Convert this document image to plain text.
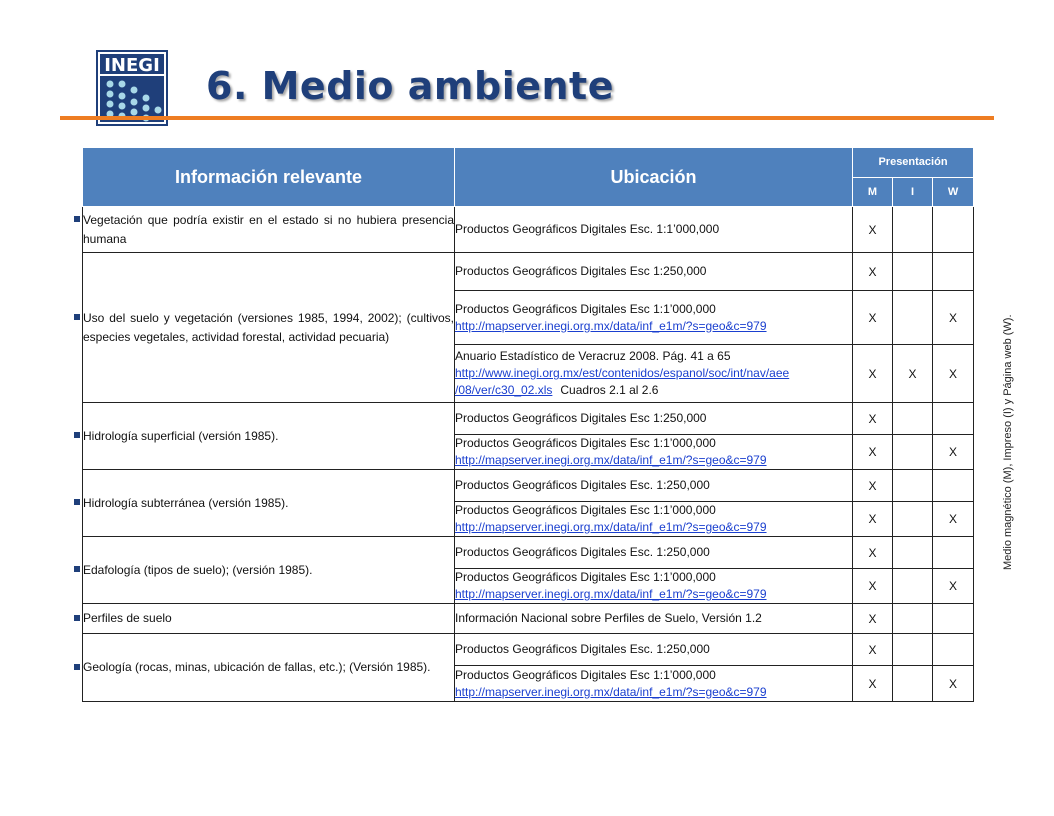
INEGI 6. Medio ambiente
Medio magnético (M), Impreso (I) y Página web (W).
Información relevante	Ubicación	Presentación		
		M	I	W
Vegetación que podría existir en el estado si no hubiera presencia humana	Productos Geográficos Digitales Esc. 1:1’000,000	X		
Uso del suelo y vegetación (versiones 1985, 1994, 2002); (cultivos, especies vegetales, actividad forestal, actividad pecuaria)	Productos Geográficos Digitales Esc 1:250,000	X		

	Productos Geográficos Digitales Esc 1:1’000,000
http://mapserver.inegi.org.mx/data/inf_e1m/?s=geo&c=979	X		X

	Anuario Estadístico de Veracruz 2008. Pág. 41 a 65
http://www.inegi.org.mx/est/contenidos/espanol/soc/int/nav/aee
/08/ver/c30_02.xls Cuadros 2.1 al 2.6	X	X	X
Hidrología superficial (versión 1985).	Productos Geográficos Digitales Esc 1:250,000	X		

	Productos Geográficos Digitales Esc 1:1’000,000
http://mapserver.inegi.org.mx/data/inf_e1m/?s=geo&c=979	X		X
Hidrología subterránea (versión 1985).	Productos Geográficos Digitales Esc. 1:250,000	X		

	Productos Geográficos Digitales Esc 1:1’000,000
http://mapserver.inegi.org.mx/data/inf_e1m/?s=geo&c=979	X		X
Edafología (tipos de suelo); (versión 1985).	Productos Geográficos Digitales Esc. 1:250,000	X		

	Productos Geográficos Digitales Esc 1:1’000,000
http://mapserver.inegi.org.mx/data/inf_e1m/?s=geo&c=979	X		X
Perfiles de suelo	Información Nacional sobre Perfiles de Suelo, Versión 1.2	X		
Geología (rocas, minas, ubicación de fallas, etc.); (Versión 1985).	Productos Geográficos Digitales Esc. 1:250,000	X		

	Productos Geográficos Digitales Esc 1:1’000,000
http://mapserver.inegi.org.mx/data/inf_e1m/?s=geo&c=979	X		X
